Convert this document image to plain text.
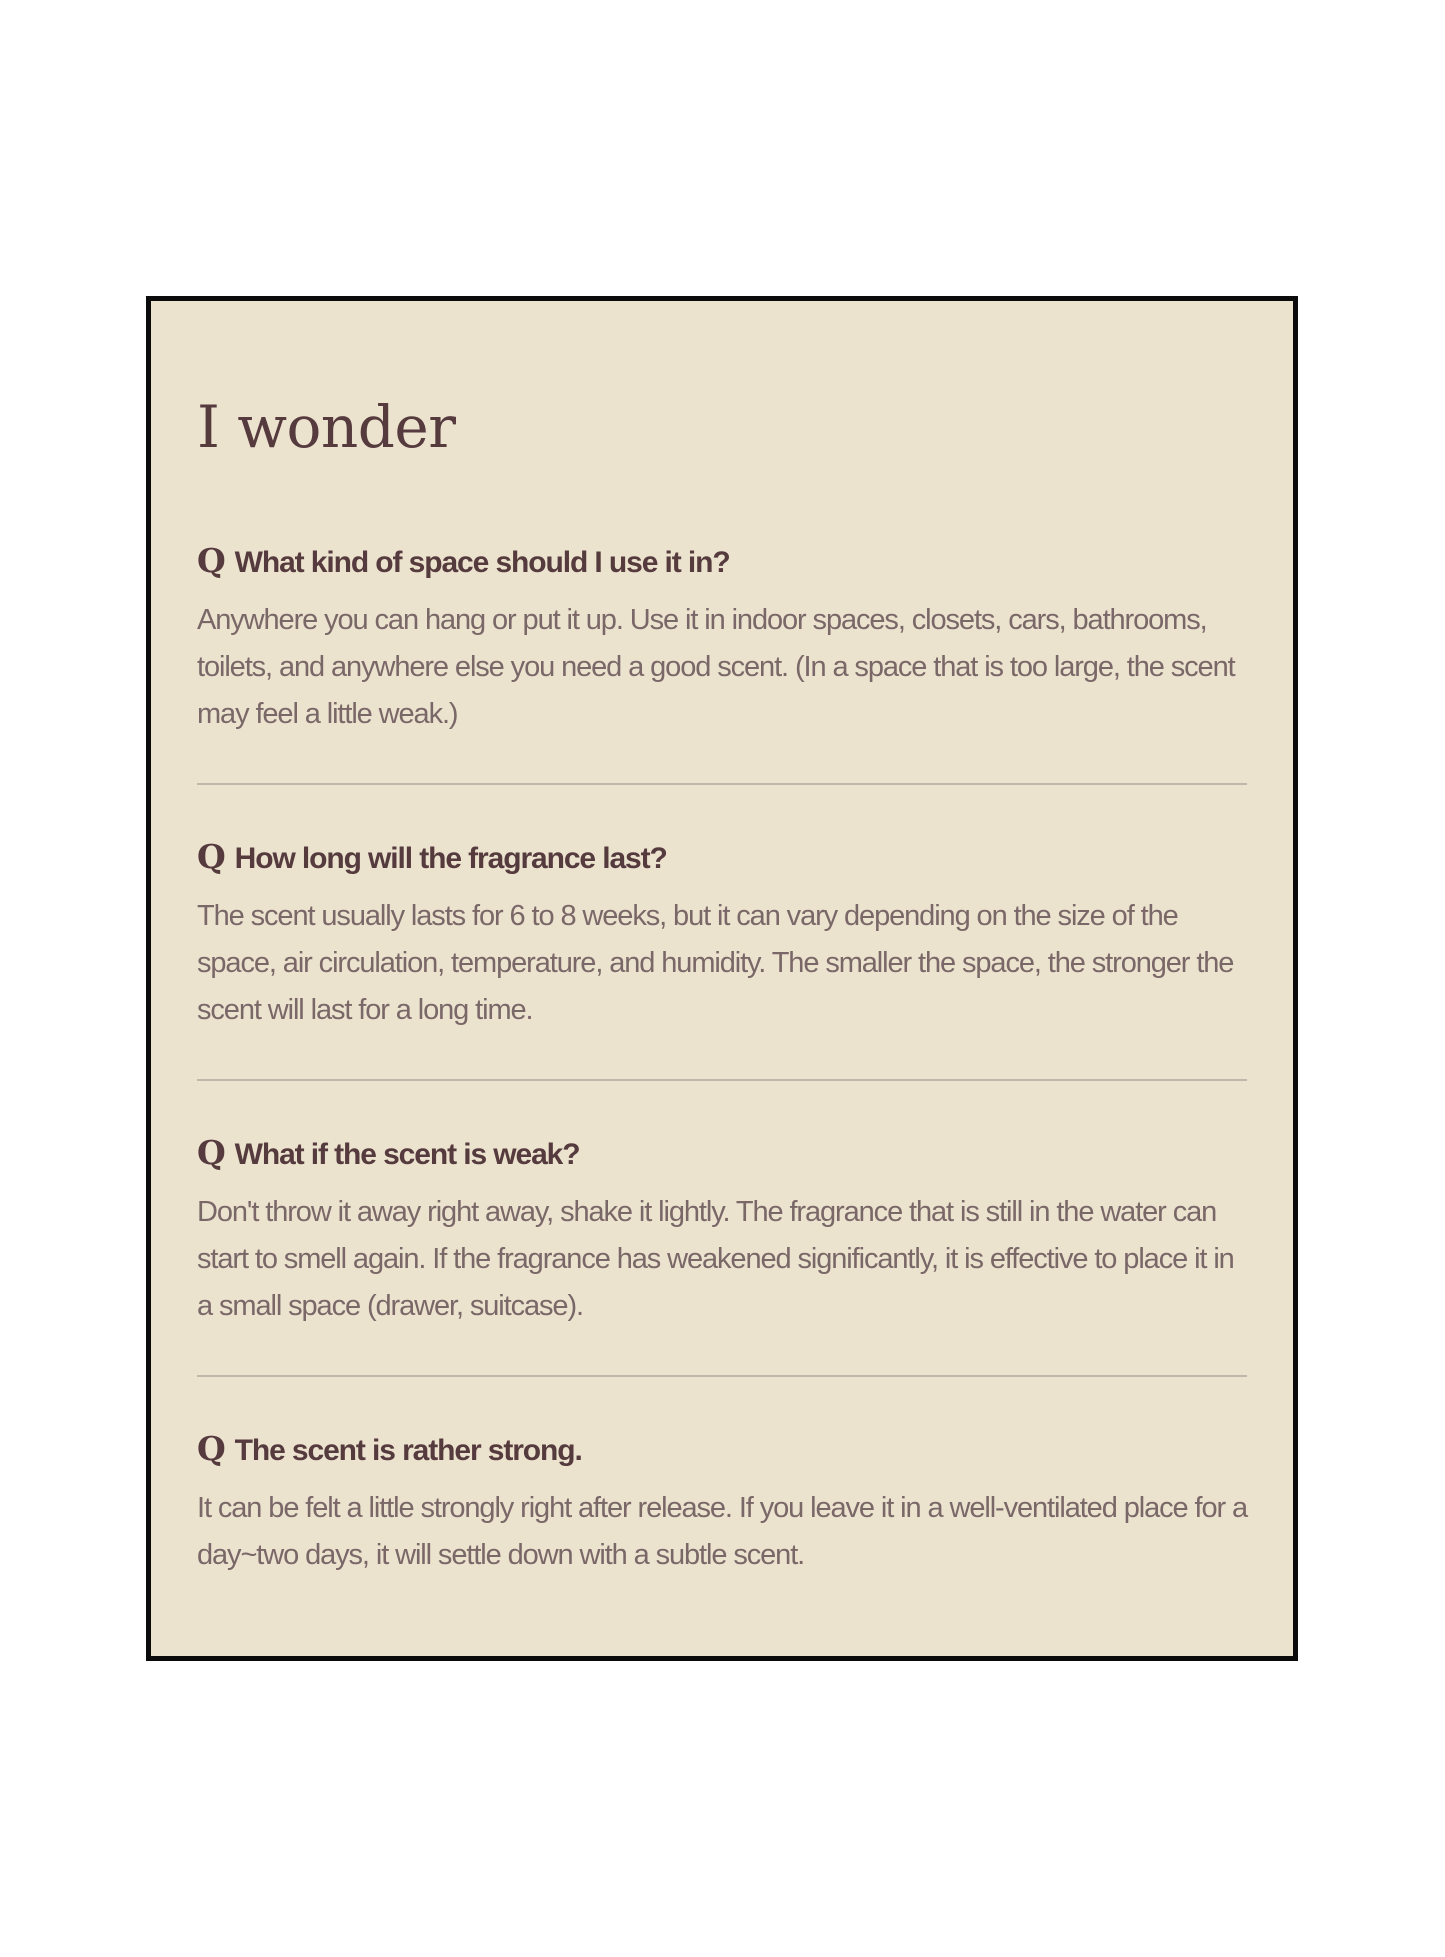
I wonder
Q What kind of space should I use it in?

Anywhere you can hang or put it up. Use it in indoor spaces, closets, cars, bathrooms, toilets, and anywhere else you need a good scent. (In a space that is too large, the scent may feel a little weak.)

Q How long will the fragrance last?

The scent usually lasts for 6 to 8 weeks, but it can vary depending on the size of the space, air circulation, temperature, and humidity. The smaller the space, the stronger the scent will last for a long time.

Q What if the scent is weak?

Don't throw it away right away, shake it lightly. The fragrance that is still in the water can start to smell again. If the fragrance has weakened significantly, it is effective to place it in a small space (drawer, suitcase).

Q The scent is rather strong.

It can be felt a little strongly right after release. If you leave it in a well-ventilated place for a day~two days, it will settle down with a subtle scent.
